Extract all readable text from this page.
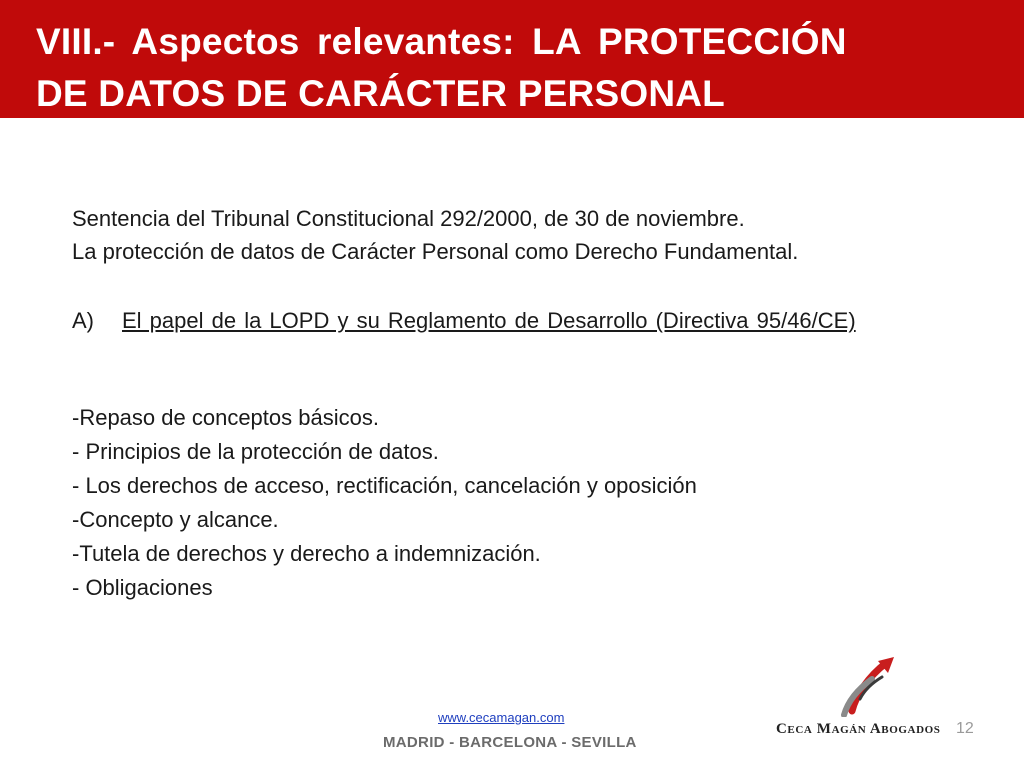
VIII.- Aspectos relevantes: LA PROTECCIÓN
DE DATOS DE CARÁCTER PERSONAL
Sentencia del Tribunal Constitucional 292/2000, de 30 de noviembre.
La protección de datos de Carácter Personal como Derecho Fundamental.
A) El papel de la LOPD y su Reglamento de Desarrollo (Directiva 95/46/CE)
-Repaso de conceptos básicos.
- Principios de la protección de datos.
- Los derechos de acceso, rectificación, cancelación y oposición
-Concepto y alcance.
-Tutela de derechos y derecho a indemnización.
- Obligaciones
www.cecamagan.com
MADRID - BARCELONA - SEVILLA
Ceca Magán Abogados 12
